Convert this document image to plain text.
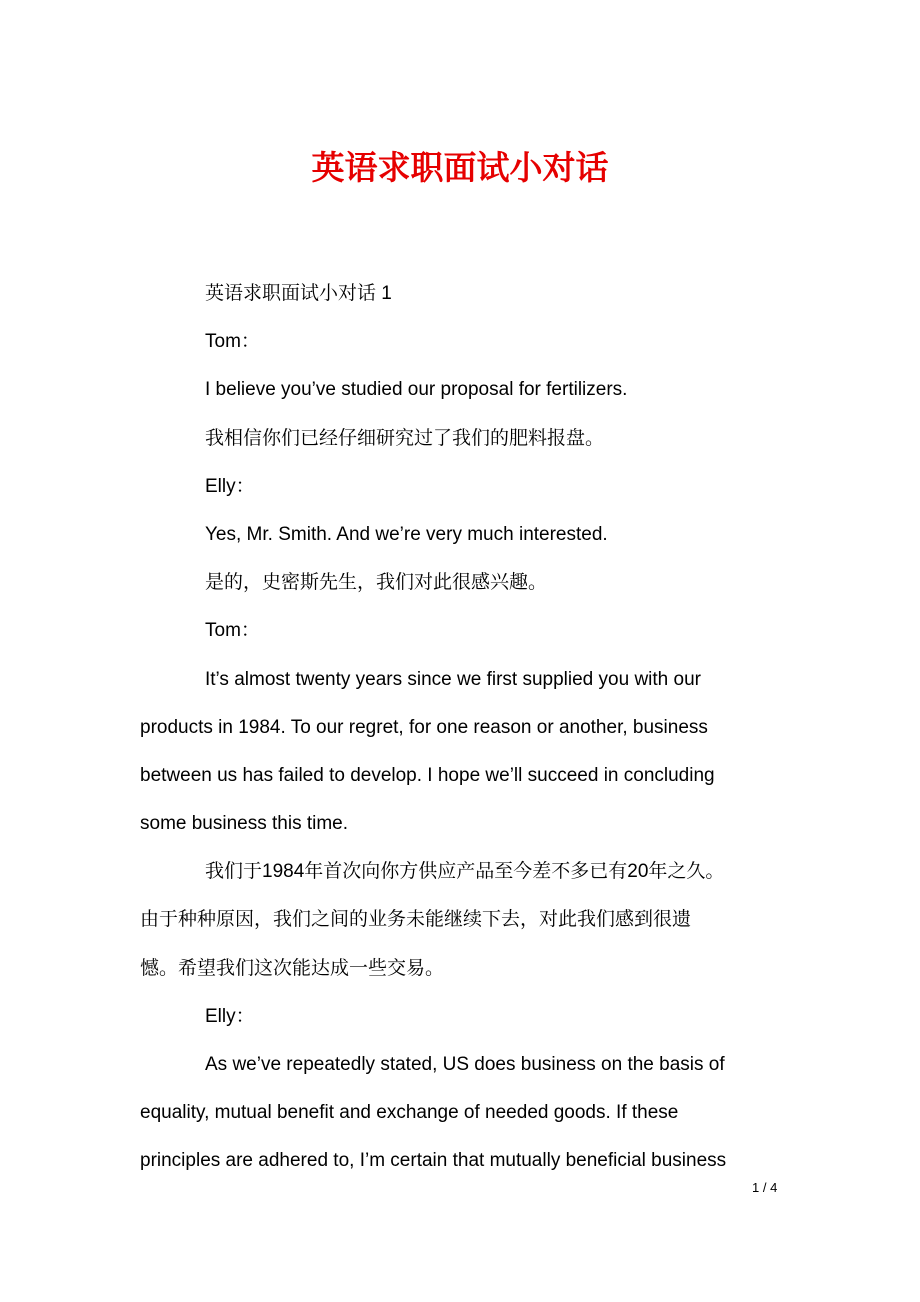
英语求职面试小对话
英语求职面试小对话 1
Tom：
I believe you’ve studied our proposal for fertilizers.
我相信你们已经仔细研究过了我们的肥料报盘。
Elly：
Yes, Mr. Smith. And we’re very much interested.
是的，史密斯先生，我们对此很感兴趣。
Tom：
It’s almost twenty years since we first supplied you with our
products in 1984. To our regret, for one reason or another, business
between us has failed to develop. I hope we’ll succeed in concluding
some business this time.
我们于1984年首次向你方供应产品至今差不多已有20年之久。
由于种种原因，我们之间的业务未能继续下去，对此我们感到很遗
憾。希望我们这次能达成一些交易。
Elly：
As we’ve repeatedly stated, US does business on the basis of
equality, mutual benefit and exchange of needed goods. If these
principles are adhered to, I’m certain that mutually beneficial business
1 / 4
